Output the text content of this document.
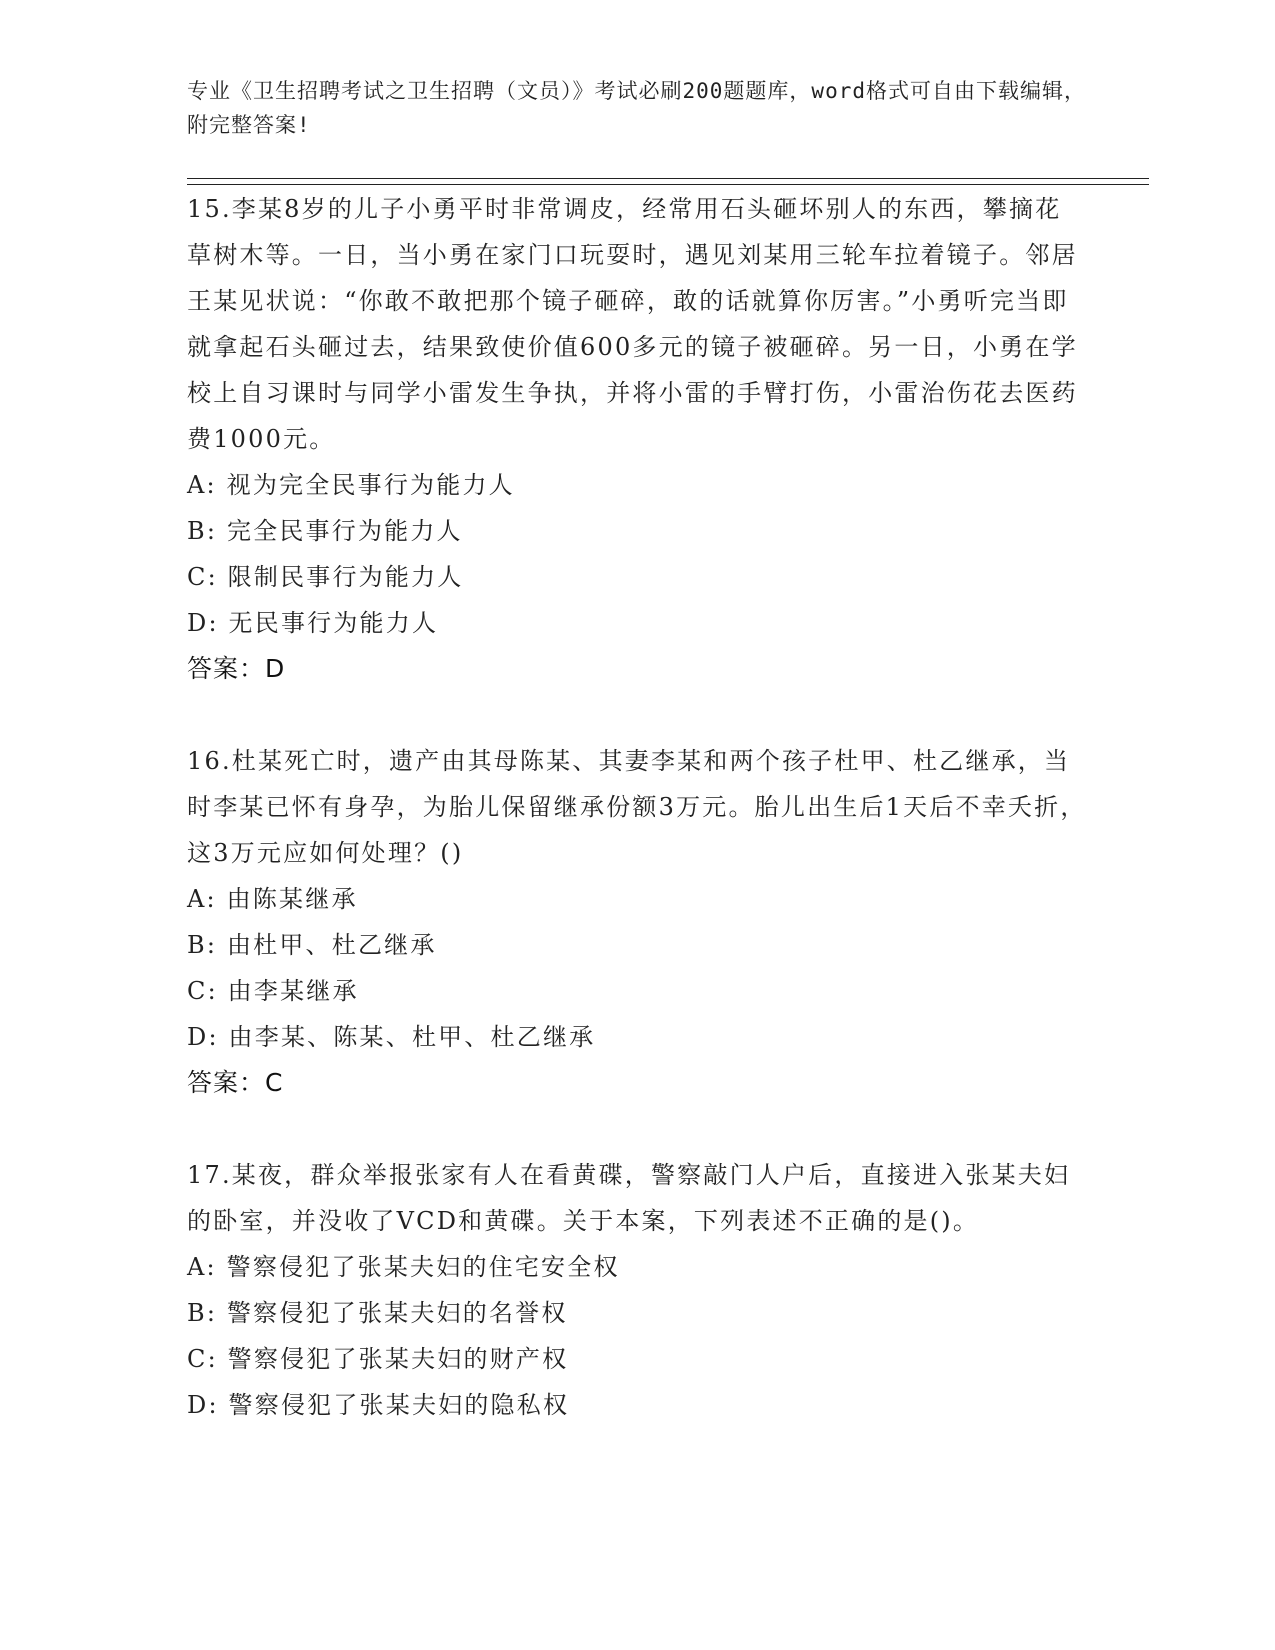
专业《卫生招聘考试之卫生招聘（文员）》考试必刷200题题库，word格式可自由下载编辑，附完整答案!

15.李某8岁的儿子小勇平时非常调皮，经常用石头砸坏别人的东西，攀摘花草树木等。一日，当小勇在家门口玩耍时，遇见刘某用三轮车拉着镜子。邻居王某见状说：“你敢不敢把那个镜子砸碎，敢的话就算你厉害。”小勇听完当即就拿起石头砸过去，结果致使价值600多元的镜子被砸碎。另一日，小勇在学校上自习课时与同学小雷发生争执，并将小雷的手臂打伤，小雷治伤花去医药费1000元。

A: 视为完全民事行为能力人

B: 完全民事行为能力人

C: 限制民事行为能力人

D: 无民事行为能力人

答案：D

16.杜某死亡时，遗产由其母陈某、其妻李某和两个孩子杜甲、杜乙继承，当时李某已怀有身孕，为胎儿保留继承份额3万元。胎儿出生后1天后不幸夭折，这3万元应如何处理？()

A: 由陈某继承

B: 由杜甲、杜乙继承

C: 由李某继承

D: 由李某、陈某、杜甲、杜乙继承

答案：C

17.某夜，群众举报张家有人在看黄碟，警察敲门人户后，直接进入张某夫妇的卧室，并没收了VCD和黄碟。关于本案，下列表述不正确的是()。

A: 警察侵犯了张某夫妇的住宅安全权

B: 警察侵犯了张某夫妇的名誉权

C: 警察侵犯了张某夫妇的财产权

D: 警察侵犯了张某夫妇的隐私权
